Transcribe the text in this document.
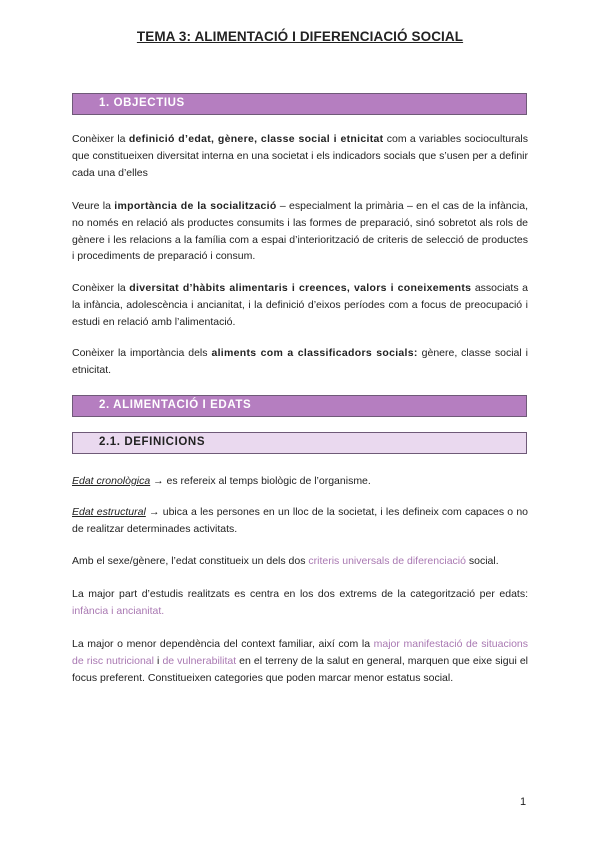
TEMA 3: ALIMENTACIÓ I DIFERENCIACIÓ SOCIAL
1. OBJECTIUS

Conèixer la definició d’edat, gènere, classe social i etnicitat com a variables socioculturals que constitueixen diversitat interna en una societat i els indicadors socials que s’usen per a definir cada una d’elles

Veure la importància de la socialització – especialment la primària – en el cas de la infància, no només en relació als productes consumits i las formes de preparació, sinó sobretot als rols de gènere i les relacions a la família com a espai d’interiorització de criteris de selecció de productes i procediments de preparació i consum.

Conèixer la diversitat d’hàbits alimentaris i creences, valors i coneixements associats a la infància, adolescència i ancianitat, i la definició d’eixos períodes com a focus de preocupació i estudi en relació amb l’alimentació.

Conèixer la importància dels aliments com a classificadors socials: gènere, classe social i etnicitat.

2. ALIMENTACIÓ I EDATS
2.1. DEFINICIONS

Edat cronològica → es refereix al temps biològic de l’organisme.

Edat estructural → ubica a les persones en un lloc de la societat, i les defineix com capaces o no de realitzar determinades activitats.

Amb el sexe/gènere, l’edat constitueix un dels dos criteris universals de diferenciació social.

La major part d’estudis realitzats es centra en los dos extrems de la categorització per edats: infància i ancianitat.

La major o menor dependència del context familiar, així com la major manifestació de situacions de risc nutricional i de vulnerabilitat en el terreny de la salut en general, marquen que eixe sigui el focus preferent. Constitueixen categories que poden marcar menor estatus social.

1
